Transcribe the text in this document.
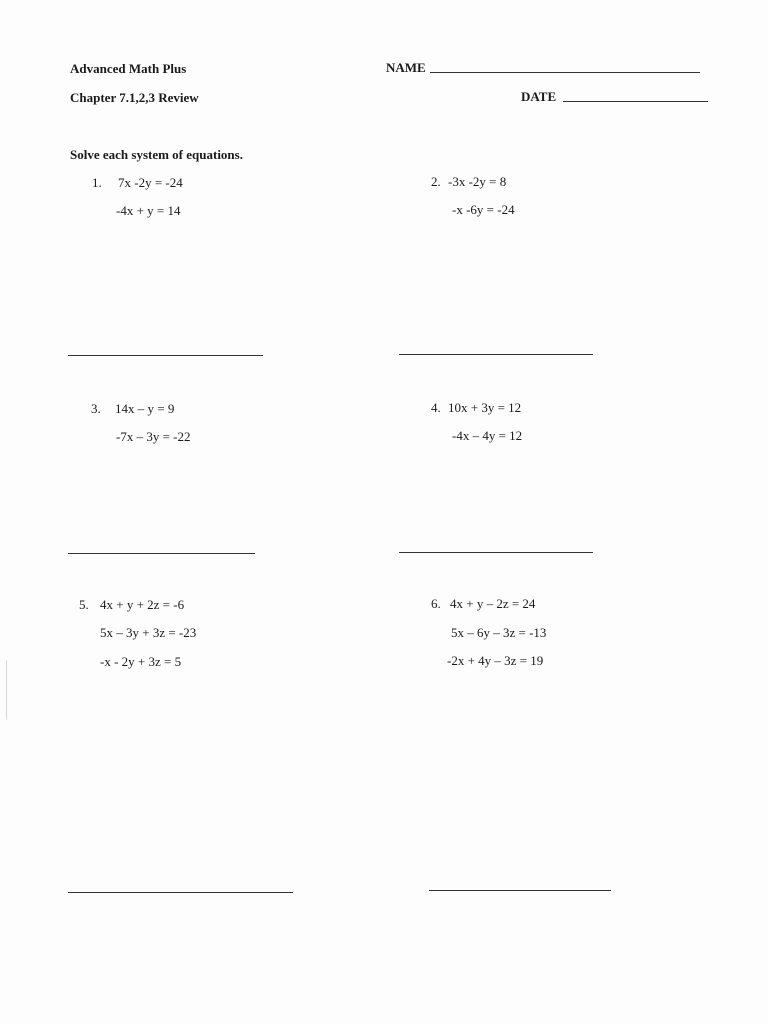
Advanced Math Plus
Chapter 7.1,2,3 Review
NAME
DATE
Solve each system of equations.
1. 7x -2y = -24
-4x + y = 14
2. -3x -2y = 8
-x -6y = -24
3. 14x – y = 9
-7x – 3y = -22
4. 10x + 3y = 12
-4x – 4y = 12
5. 4x + y + 2z = -6
5x – 3y + 3z = -23
-x - 2y + 3z = 5
6. 4x + y – 2z = 24
5x – 6y – 3z = -13
-2x + 4y – 3z = 19
